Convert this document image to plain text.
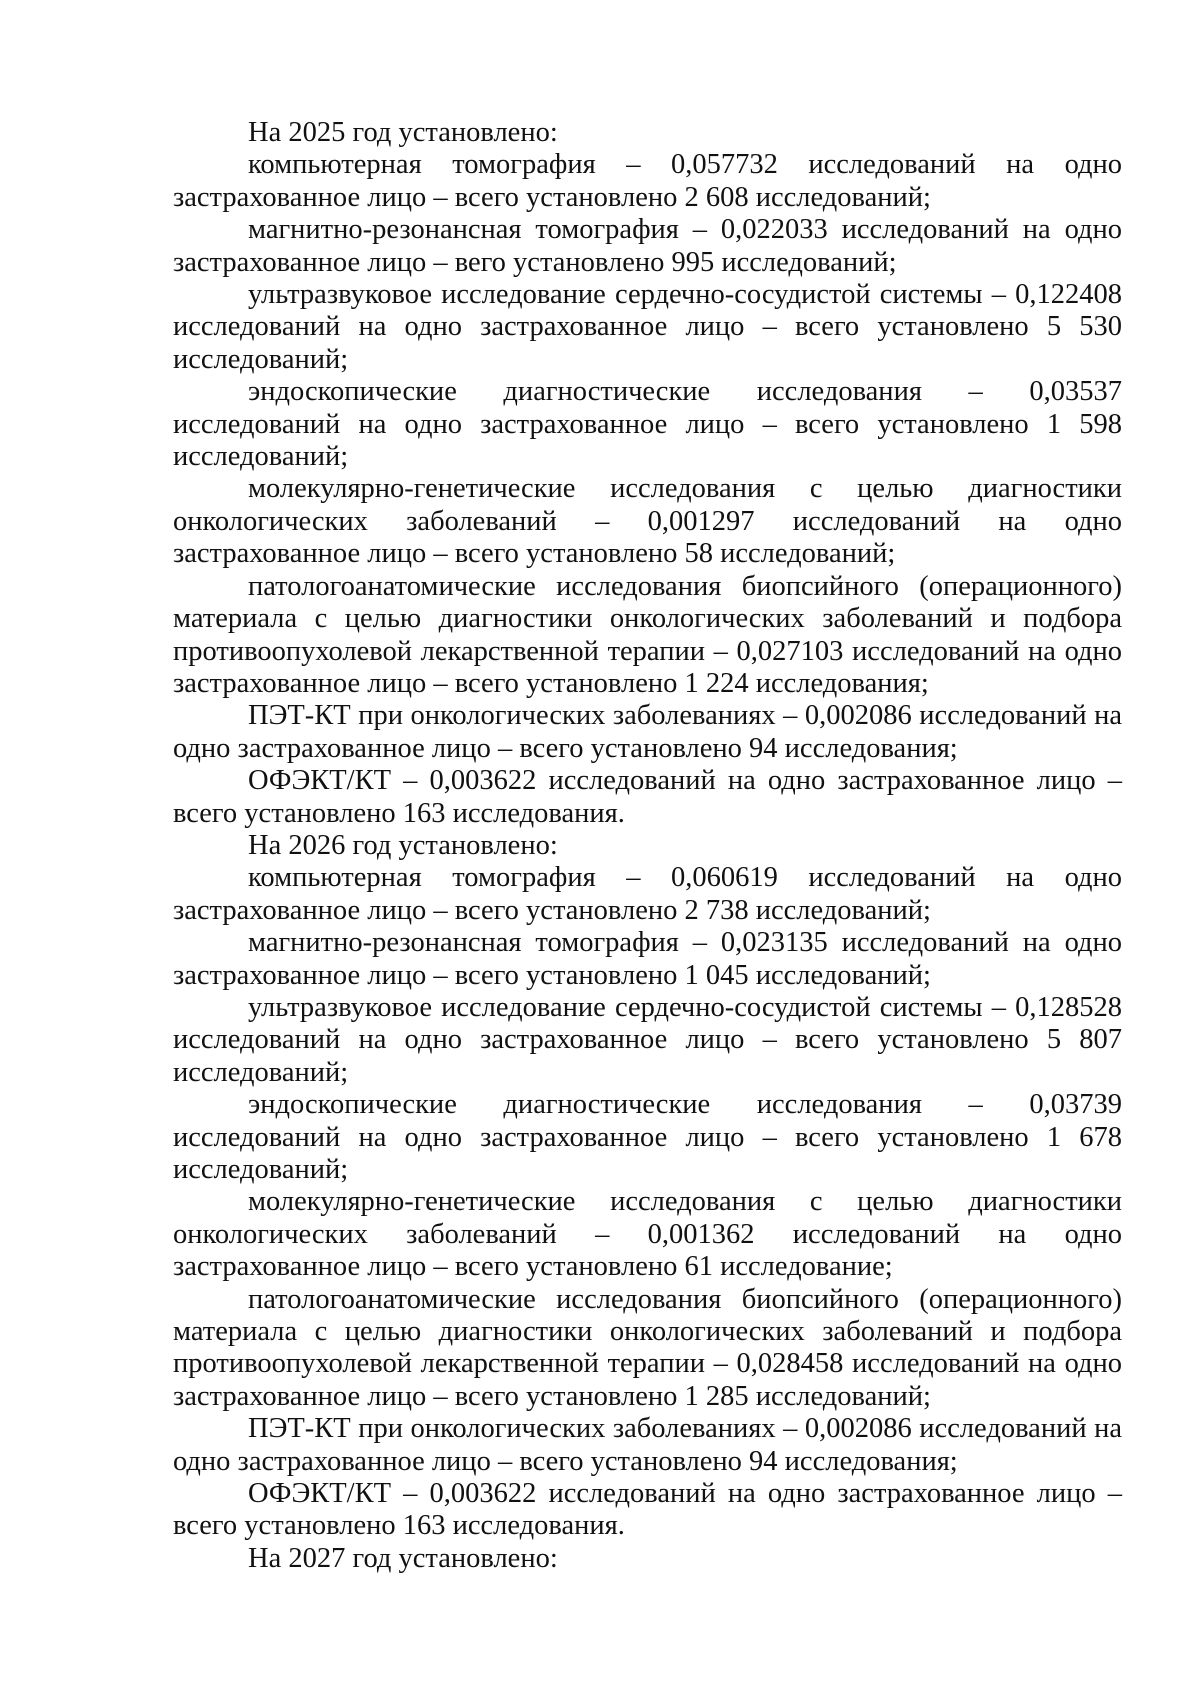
На 2025 год установлено:

компьютерная томография – 0,057732 исследований на одно застрахованное лицо – всего установлено 2 608 исследований;

магнитно-резонансная томография – 0,022033 исследований на одно застрахованное лицо – вего установлено 995 исследований;

ультразвуковое исследование сердечно-сосудистой системы – 0,122408 исследований на одно застрахованное лицо – всего установлено 5 530 исследований;

эндоскопические диагностические исследования – 0,03537 исследований на одно застрахованное лицо – всего установлено 1 598 исследований;

молекулярно-генетические исследования с целью диагностики онкологических заболеваний – 0,001297 исследований на одно застрахованное лицо – всего установлено 58 исследований;

патологоанатомические исследования биопсийного (операционного) материала с целью диагностики онкологических заболеваний и подбора противоопухолевой лекарственной терапии – 0,027103 исследований на одно застрахованное лицо – всего установлено 1 224 исследования;

ПЭТ-КТ при онкологических заболеваниях – 0,002086 исследований на одно застрахованное лицо – всего установлено 94 исследования;

ОФЭКТ/КТ – 0,003622 исследований на одно застрахованное лицо – всего установлено 163 исследования.

На 2026 год установлено:

компьютерная томография – 0,060619 исследований на одно застрахованное лицо – всего установлено 2 738 исследований;

магнитно-резонансная томография – 0,023135 исследований на одно застрахованное лицо – всего установлено 1 045 исследований;

ультразвуковое исследование сердечно-сосудистой системы – 0,128528 исследований на одно застрахованное лицо – всего установлено 5 807 исследований;

эндоскопические диагностические исследования – 0,03739 исследований на одно застрахованное лицо – всего установлено 1 678 исследований;

молекулярно-генетические исследования с целью диагностики онкологических заболеваний – 0,001362 исследований на одно застрахованное лицо – всего установлено 61 исследование;

патологоанатомические исследования биопсийного (операционного) материала с целью диагностики онкологических заболеваний и подбора противоопухолевой лекарственной терапии – 0,028458 исследований на одно застрахованное лицо – всего установлено 1 285 исследований;

ПЭТ-КТ при онкологических заболеваниях – 0,002086 исследований на одно застрахованное лицо – всего установлено 94 исследования;

ОФЭКТ/КТ – 0,003622 исследований на одно застрахованное лицо – всего установлено 163 исследования.

На 2027 год установлено:
